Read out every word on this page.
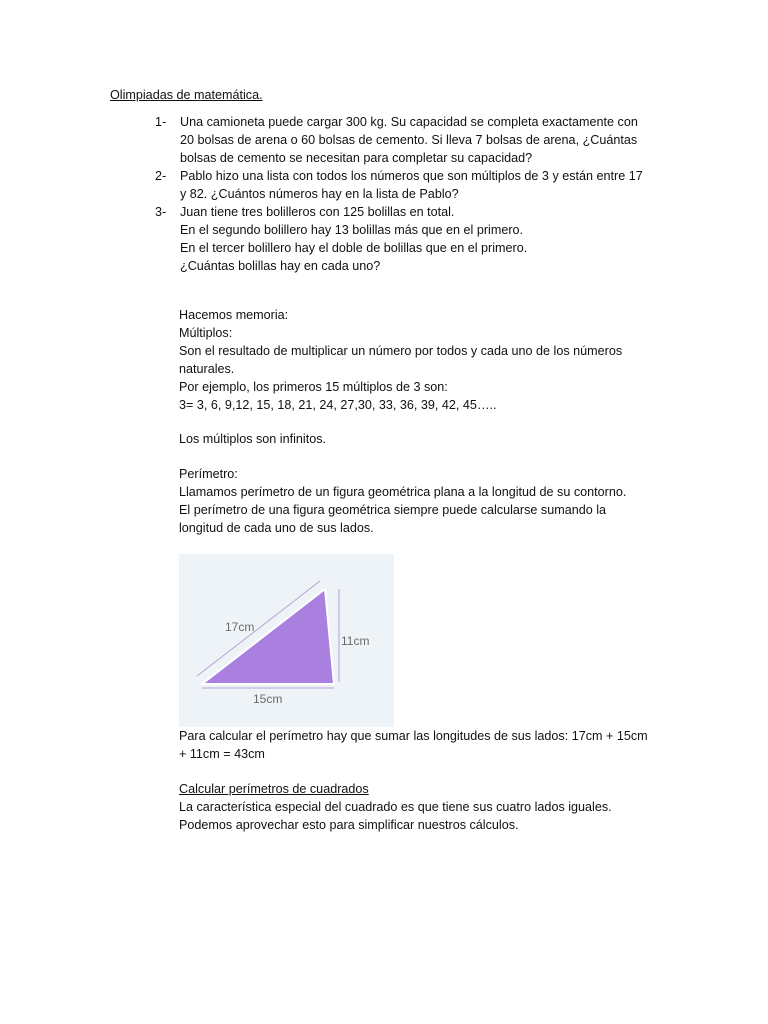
Olimpiadas de matemática.
1-	Una camioneta puede cargar 300 kg. Su capacidad se completa exactamente con
20 bolsas de arena o 60 bolsas de cemento. Si lleva 7 bolsas de arena, ¿Cuántas
bolsas de cemento se necesitan para completar su capacidad?
2-	Pablo hizo una lista con todos los números que son múltiplos de 3 y están entre 17
y 82. ¿Cuántos números hay en la lista de Pablo?
3-	Juan tiene tres bolilleros con 125 bolillas en total.
En el segundo bolillero hay 13 bolillas más que en el primero.
En el tercer bolillero hay el doble de bolillas que en el primero.
¿Cuántas bolillas hay en cada uno?
Hacemos memoria:
Múltiplos:
Son el resultado de multiplicar un número por todos y cada uno de los números
naturales.
Por ejemplo, los primeros 15 múltiplos de 3 son:
3= 3, 6, 9,12, 15, 18, 21, 24, 27,30, 33, 36, 39, 42, 45…..
Los múltiplos son infinitos.
Perímetro:
Llamamos perímetro de un figura geométrica plana a la longitud de su contorno.
El perímetro de una figura geométrica siempre puede calcularse sumando la
longitud de cada uno de sus lados.
17cm
11cm
15cm
Para calcular el perímetro hay que sumar las longitudes de sus lados: 17cm + 15cm
+ 11cm = 43cm
Calcular perímetros de cuadrados
La característica especial del cuadrado es que tiene sus cuatro lados iguales.
Podemos aprovechar esto para simplificar nuestros cálculos.
